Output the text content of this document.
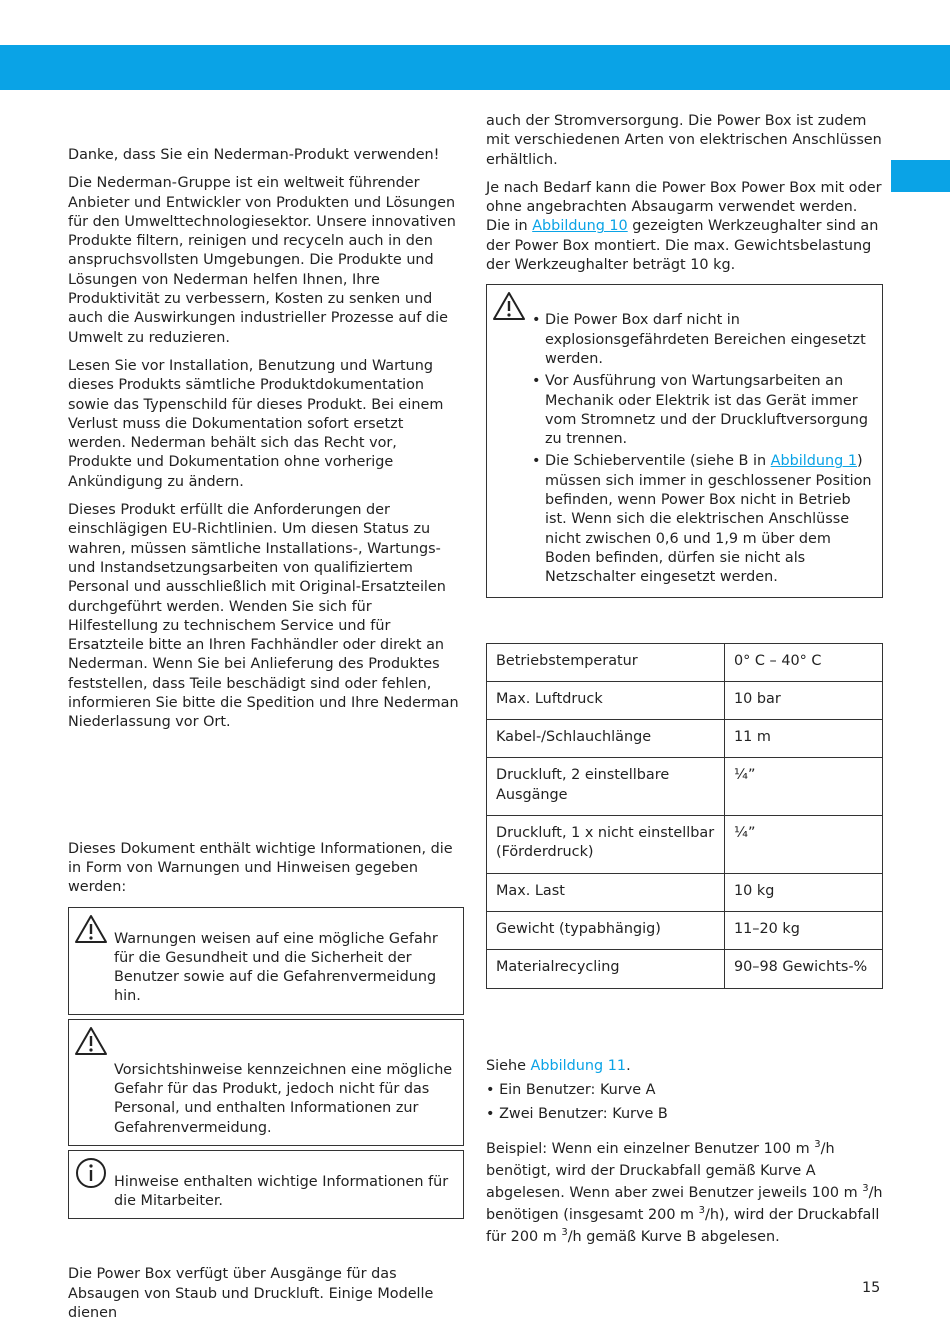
Danke, dass Sie ein Nederman-Produkt verwenden!

Die Nederman-Gruppe ist ein weltweit führender Anbieter und Entwickler von Produkten und Lösungen für den Umwelttechnologiesektor. Unsere innovativen Produkte filtern, reinigen und recyceln auch in den anspruchsvollsten Umgebungen. Die Produkte und Lösungen von Nederman helfen Ihnen, Ihre Produktivität zu verbessern, Kosten zu senken und auch die Auswirkungen industrieller Prozesse auf die Umwelt zu reduzieren.

Lesen Sie vor Installation, Benutzung und Wartung dieses Produkts sämtliche Produktdokumentation sowie das Typenschild für dieses Produkt. Bei einem Verlust muss die Dokumentation sofort ersetzt werden. Nederman behält sich das Recht vor, Produkte und Dokumentation ohne vorherige Ankündigung zu ändern.

Dieses Produkt erfüllt die Anforderungen der einschlägigen EU-Richtlinien. Um diesen Status zu wahren, müssen sämtliche Installations-, Wartungs- und Instandsetzungsarbeiten von qualifiziertem Personal und ausschließlich mit Original-Ersatzteilen durchgeführt werden. Wenden Sie sich für Hilfestellung zu technischem Service und für Ersatzteile bitte an Ihren Fachhändler oder direkt an Nederman. Wenn Sie bei Anlieferung des Produktes feststellen, dass Teile beschädigt sind oder fehlen, informieren Sie bitte die Spedition und Ihre Nederman Niederlassung vor Ort.

Dieses Dokument enthält wichtige Informationen, die in Form von Warnungen und Hinweisen gegeben werden:

Warnungen weisen auf eine mögliche Gefahr für die Gesundheit und die Sicherheit der Benutzer sowie auf die Gefahrenvermeidung hin.
Vorsichtshinweise kennzeichnen eine mögliche Gefahr für das Produkt, jedoch nicht für das Personal, und enthalten Informationen zur Gefahrenvermeidung.
Hinweise enthalten wichtige Informationen für die Mitarbeiter.

Die Power Box verfügt über Ausgänge für das Absaugen von Staub und Druckluft. Einige Modelle dienen

auch der Stromversorgung. Die Power Box ist zudem mit verschiedenen Arten von elektrischen Anschlüssen erhältlich.

Je nach Bedarf kann die Power Box Power Box mit oder ohne angebrachten Absaugarm verwendet werden. Die in Abbildung 10 gezeigten Werkzeughalter sind an der Power Box montiert. Die max. Gewichtsbelastung der Werkzeughalter beträgt 10 kg.

• Die Power Box darf nicht in explosionsgefährdeten Bereichen eingesetzt werden.
• Vor Ausführung von Wartungsarbeiten an Mechanik oder Elektrik ist das Gerät immer vom Stromnetz und der Druckluftversorgung zu trennen.
• Die Schieberventile (siehe B in Abbildung 1) müssen sich immer in geschlossener Position befinden, wenn Power Box nicht in Betrieb ist. Wenn sich die elektrischen Anschlüsse nicht zwischen 0,6 und 1,9 m über dem Boden befinden, dürfen sie nicht als Netzschalter eingesetzt werden.
Betriebstemperatur	0° C – 40° C
Max. Luftdruck	10 bar
Kabel-/Schlauchlänge	11 m
Druckluft, 2 einstellbare Ausgänge	¼”
Druckluft, 1 x nicht einstellbar (Förderdruck)	¼”
Max. Last	10 kg
Gewicht (typabhängig)	11–20 kg
Materialrecycling	90–98 Gewichts-%

Siehe Abbildung 11.

• Ein Benutzer: Kurve A
• Zwei Benutzer: Kurve B

Beispiel: Wenn ein einzelner Benutzer 100 m $^3$/h benötigt, wird der Druckabfall gemäß Kurve A abgelesen. Wenn aber zwei Benutzer jeweils 100 m $^3$/h benötigen (insgesamt 200 m $^3$/h), wird der Druckabfall für 200 m $^3$/h gemäß Kurve B abgelesen.

15
